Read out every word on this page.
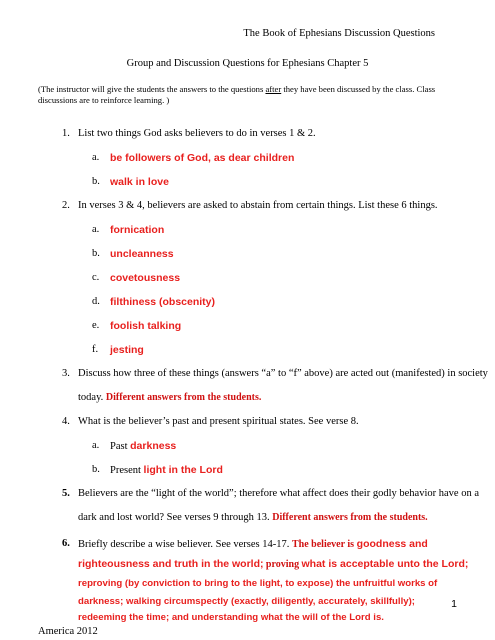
The Book of Ephesians Discussion Questions
Group and Discussion Questions for Ephesians Chapter 5
(The instructor will give the students the answers to the questions after they have been discussed by the class. Class discussions are to reinforce learning. )
1. List two things God asks believers to do in verses 1 & 2.
a. be followers of God, as dear children
b. walk in love
2. In verses 3 & 4, believers are asked to abstain from certain things. List these 6 things.
a. fornication
b. uncleanness
c. covetousness
d. filthiness (obscenity)
e. foolish talking
f. jesting
3. Discuss how three of these things (answers “a” to “f” above) are acted out (manifested) in society
today. Different answers from the students.
4. What is the believer’s past and present spiritual states. See verse 8.
a. Past darkness
b. Present light in the Lord
5. Believers are the “light of the world”; therefore what affect does their godly behavior have on a
dark and lost world? See verses 9 through 13. Different answers from the students.
6. Briefly describe a wise believer. See verses 14-17. The believer is goodness and
righteousness and truth in the world; proving what is acceptable unto the Lord;
reproving (by conviction to bring to the light, to expose) the unfruitful works of
darkness; walking circumspectly (exactly, diligently, accurately, skillfully);	1
America 2012
redeeming the time; and understanding what the will of the Lord is.
